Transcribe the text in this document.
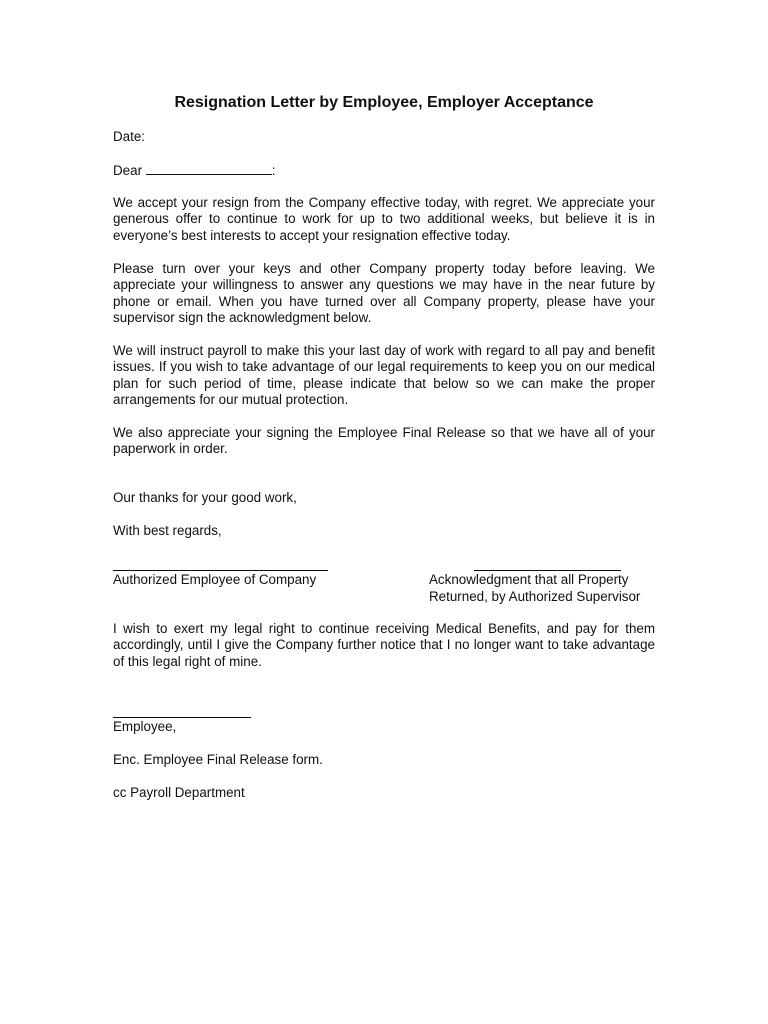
Resignation Letter by Employee, Employer Acceptance
Date:
Dear	:
We accept your resign from the Company effective today, with regret. We appreciate your generous offer to continue to work for up to two additional weeks, but believe it is in everyone’s best interests to accept your resignation effective today.
Please turn over your keys and other Company property today before leaving. We appreciate your willingness to answer any questions we may have in the near future by phone or email. When you have turned over all Company property, please have your supervisor sign the acknowledgment below.
We will instruct payroll to make this your last day of work with regard to all pay and benefit issues. If you wish to take advantage of our legal requirements to keep you on our medical plan for such period of time, please indicate that below so we can make the proper arrangements for our mutual protection.
We also appreciate your signing the Employee Final Release so that we have all of your paperwork in order.
Our thanks for your good work,
With best regards,
Authorized Employee of Company	Acknowledgment that all Property
Returned, by Authorized Supervisor
I wish to exert my legal right to continue receiving Medical Benefits, and pay for them accordingly, until I give the Company further notice that I no longer want to take advantage of this legal right of mine.
Employee,
Enc. Employee Final Release form.
cc Payroll Department
